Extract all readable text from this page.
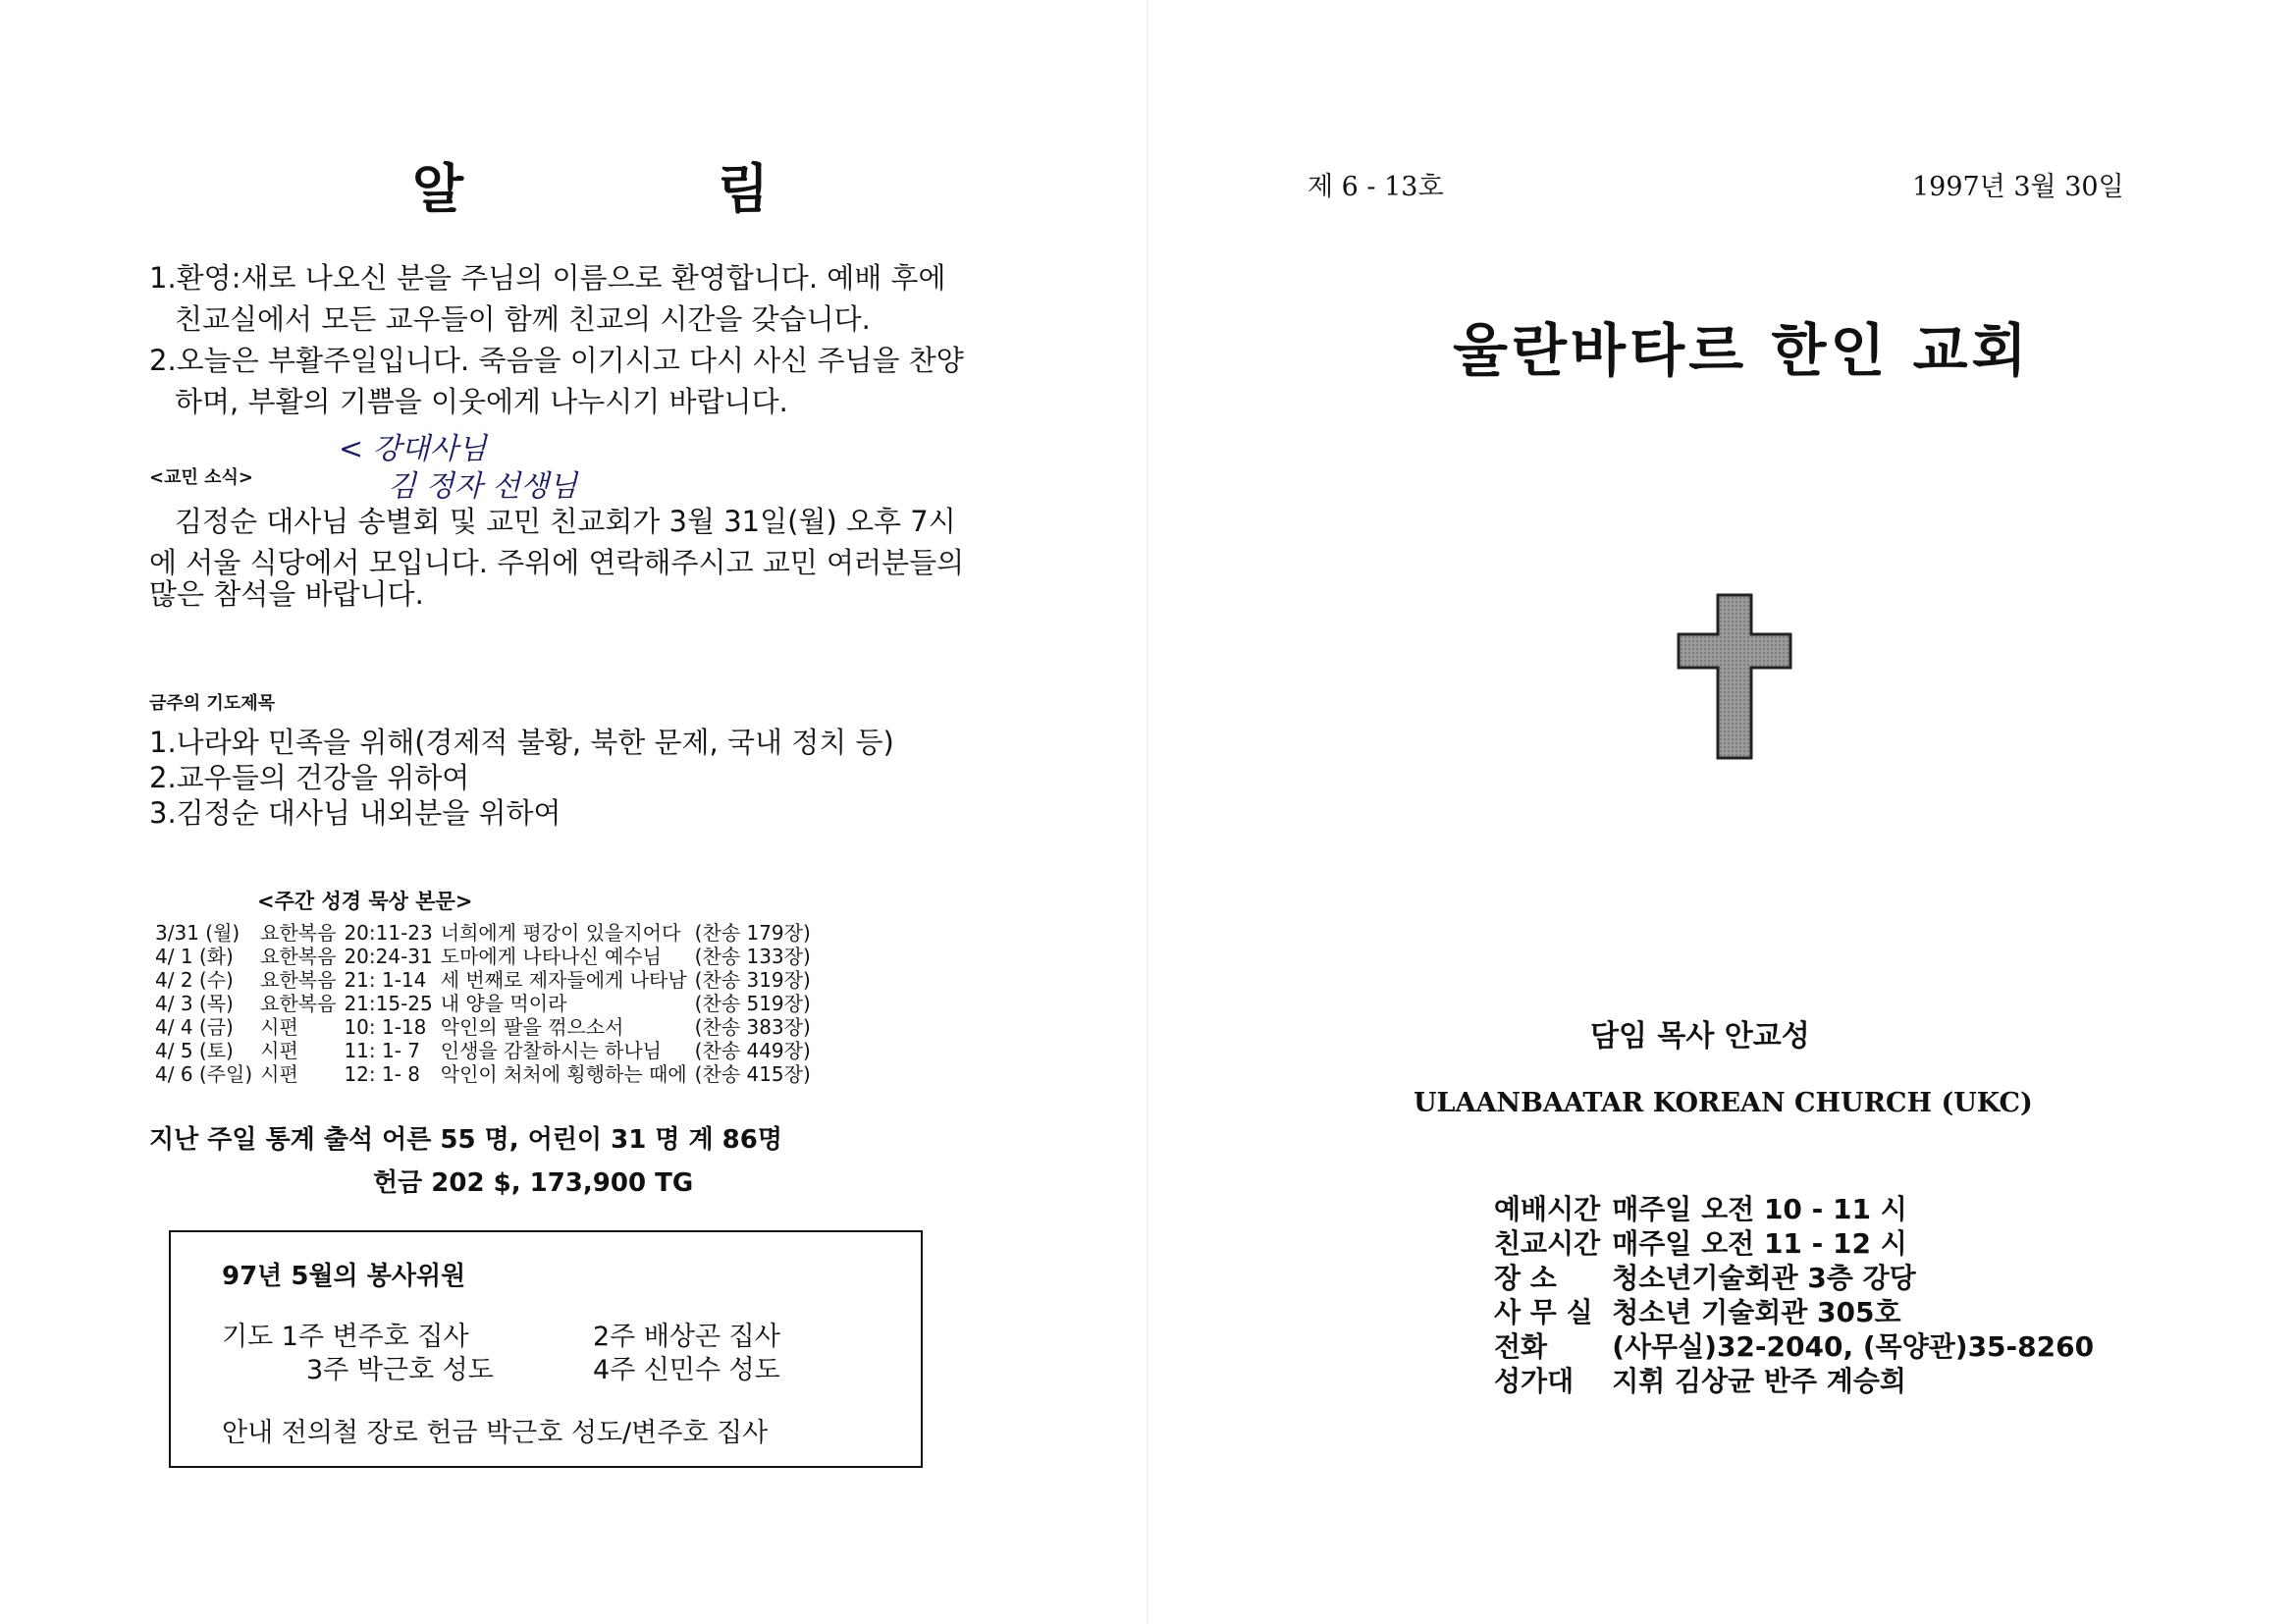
알 림
1.환영:새로 나오신 분을 주님의 이름으로 환영합니다. 예배 후에
친교실에서 모든 교우들이 함께 친교의 시간을 갖습니다.
2.오늘은 부활주일입니다. 죽음을 이기시고 다시 사신 주님을 찬양
하며, 부활의 기쁨을 이웃에게 나누시기 바랍니다.
<교민 소식>
< 강대사님
김 정자 선생님
김정순 대사님 송별회 및 교민 친교회가 3월 31일(월) 오후 7시
에 서울 식당에서 모입니다. 주위에 연락해주시고 교민 여러분들의
많은 참석을 바랍니다.
금주의 기도제목
1.나라와 민족을 위해(경제적 불황, 북한 문제, 국내 정치 등)
2.교우들의 건강을 위하여
3.김정순 대사님 내외분을 위하여
<주간 성경 묵상 본문>
3/31 (월)	요한복음	20:11-23	너희에게 평강이 있을지어다	(찬송 179장)
4/ 1 (화)	요한복음	20:24-31	도마에게 나타나신 예수님	(찬송 133장)
4/ 2 (수)	요한복음	21: 1-14	세 번째로 제자들에게 나타남	(찬송 319장)
4/ 3 (목)	요한복음	21:15-25	내 양을 먹이라	(찬송 519장)
4/ 4 (금)	시편	10: 1-18	악인의 팔을 꺾으소서	(찬송 383장)
4/ 5 (토)	시편	11: 1- 7	인생을 감찰하시는 하나님	(찬송 449장)
4/ 6 (주일)	시편	12: 1- 8	악인이 처처에 횡행하는 때에	(찬송 415장)
지난 주일 통계 출석 어른 55 명, 어린이 31 명 계 86명
헌금 202 $, 173,900 TG
97년 5월의 봉사위원
기도 1주 변주호 집사	2주 배상곤 집사
3주 박근호 성도	4주 신민수 성도
안내 전의철 장로 헌금 박근호 성도/변주호 집사
제 6 - 13호	1997년 3월 30일
울란바타르 한인 교회
담임 목사 안교성
ULAANBAATAR KOREAN CHURCH (UKC)
예배시간	매주일 오전 10 - 11 시
친교시간	매주일 오전 11 - 12 시
장 소	청소년기술회관 3층 강당
사 무 실	청소년 기술회관 305호
전화	(사무실)32-2040, (목양관)35-8260
성가대	지휘 김상균 반주 계승희
